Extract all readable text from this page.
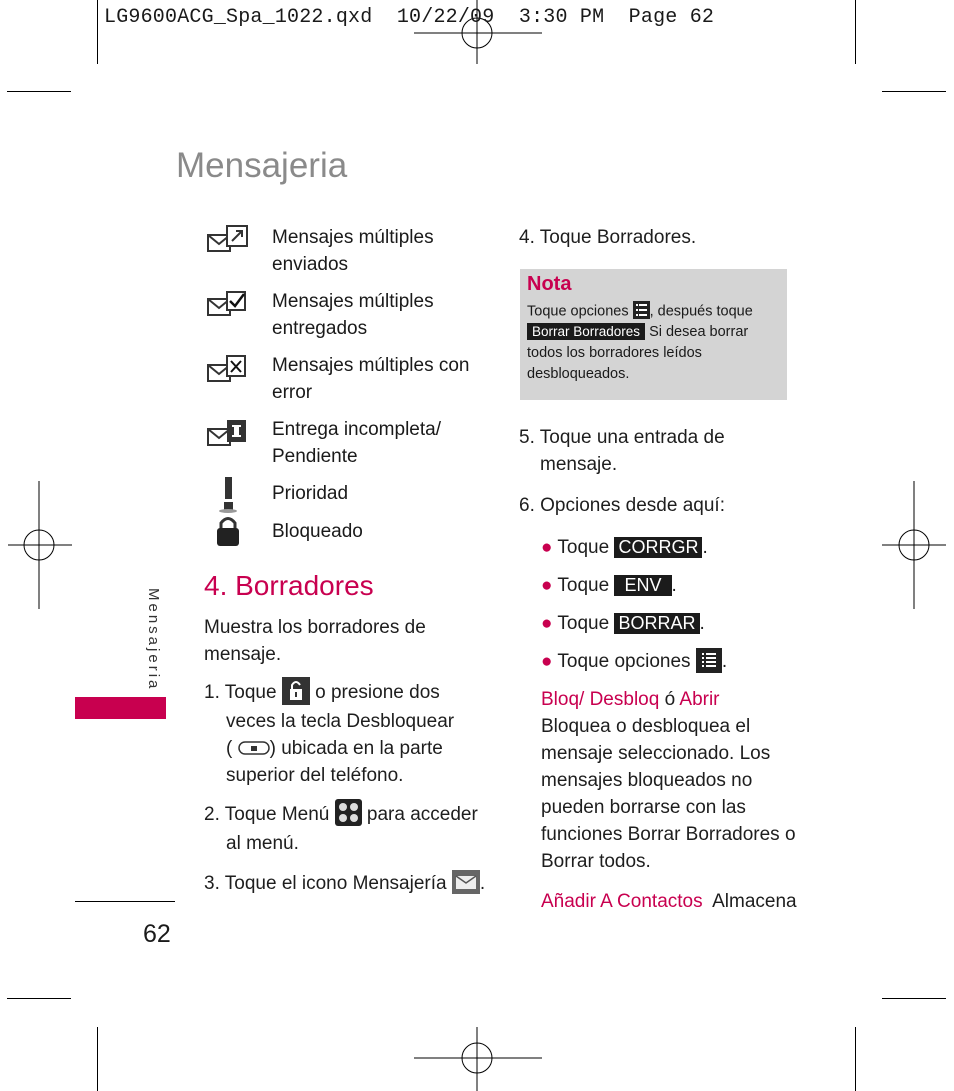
LG9600ACG_Spa_1022.qxd  10/22/09  3:30 PM  Page 62
Mensajeria
Mensajes múltiples
enviados
Mensajes múltiples
entregados
Mensajes múltiples con
error
Entrega incompleta/
Pendiente
Prioridad
Bloqueado
4. Borradores
Muestra los borradores de
mensaje.
1. Toque o presione dos
veces la tecla Desbloquear
( ) ubicada en la parte
superior del teléfono.
2. Toque Menú para acceder
al menú.
3. Toque el icono Mensajería .
4. Toque Borradores.
Nota
Toque opciones , después toque
Borrar Borradores Si desea borrar
todos los borradores leídos
desbloqueados.
5. Toque una entrada de
mensaje.
6. Opciones desde aquí:
● Toque CORRGR .
● Toque ENV .
● Toque BORRAR .
● Toque opciones .
Bloq/ Desbloq ó Abrir
Bloquea o desbloquea el
mensaje seleccionado. Los
mensajes bloqueados no
pueden borrarse con las
funciones Borrar Borradores o
Borrar todos.
Añadir A Contactos Almacena
Mensajeria
62
